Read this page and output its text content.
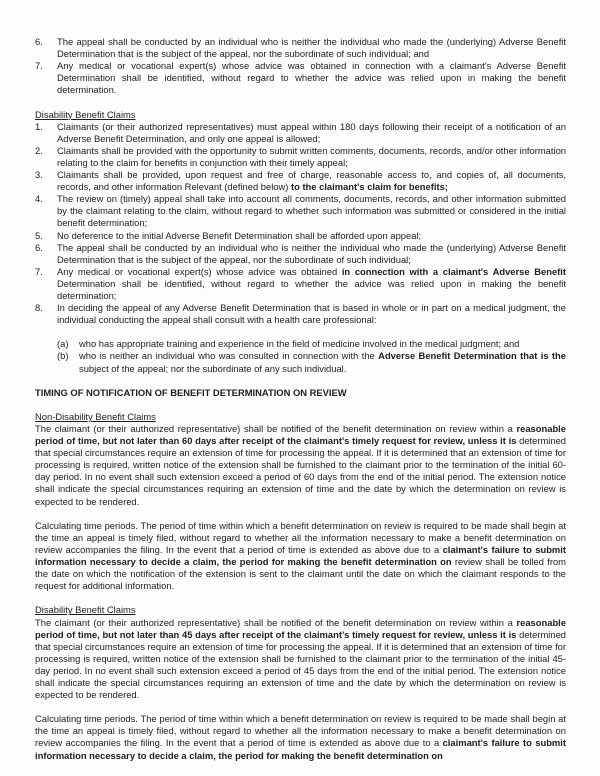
6.	The appeal shall be conducted by an individual who is neither the individual who made the (underlying) Adverse Benefit Determination that is the subject of the appeal, nor the subordinate of such individual; and
7.	Any medical or vocational expert(s) whose advice was obtained in connection with a claimant's Adverse Benefit Determination shall be identified, without regard to whether the advice was relied upon in making the benefit determination.
Disability Benefit Claims
1.	Claimants (or their authorized representatives) must appeal within 180 days following their receipt of a notification of an Adverse Benefit Determination, and only one appeal is allowed;
2.	Claimants shall be provided with the opportunity to submit written comments, documents, records, and/or other information relating to the claim for benefits in conjunction with their timely appeal;
3.	Claimants shall be provided, upon request and free of charge, reasonable access to, and copies of, all documents, records, and other information Relevant (defined below) to the claimant's claim for benefits;
4.	The review on (timely) appeal shall take into account all comments, documents, records, and other information submitted by the claimant relating to the claim, without regard to whether such information was submitted or considered in the initial benefit determination;
5.	No deference to the initial Adverse Benefit Determination shall be afforded upon appeal;
6.	The appeal shall be conducted by an individual who is neither the individual who made the (underlying) Adverse Benefit Determination that is the subject of the appeal, nor the subordinate of such individual;
7.	Any medical or vocational expert(s) whose advice was obtained in connection with a claimant's Adverse Benefit Determination shall be identified, without regard to whether the advice was relied upon in making the benefit determination;
8.	In deciding the appeal of any Adverse Benefit Determination that is based in whole or in part on a medical judgment, the individual conducting the appeal shall consult with a health care professional:
(a)	who has appropriate training and experience in the field of medicine involved in the medical judgment; and
(b)	who is neither an individual who was consulted in connection with the Adverse Benefit Determination that is the subject of the appeal; nor the subordinate of any such individual.
TIMING OF NOTIFICATION OF BENEFIT DETERMINATION ON REVIEW
Non-Disability Benefit Claims

The claimant (or their authorized representative) shall be notified of the benefit determination on review within a reasonable period of time, but not later than 60 days after receipt of the claimant's timely request for review, unless it is determined that special circumstances require an extension of time for processing the appeal. If it is determined that an extension of time for processing is required, written notice of the extension shall be furnished to the claimant prior to the termination of the initial 60-day period. In no event shall such extension exceed a period of 60 days from the end of the initial period. The extension notice shall indicate the special circumstances requiring an extension of time and the date by which the determination on review is expected to be rendered.

Calculating time periods. The period of time within which a benefit determination on review is required to be made shall begin at the time an appeal is timely filed, without regard to whether all the information necessary to make a benefit determination on review accompanies the filing. In the event that a period of time is extended as above due to a claimant's failure to submit information necessary to decide a claim, the period for making the benefit determination on review shall be tolled from the date on which the notification of the extension is sent to the claimant until the date on which the claimant responds to the request for additional information.

Disability Benefit Claims

The claimant (or their authorized representative) shall be notified of the benefit determination on review within a reasonable period of time, but not later than 45 days after receipt of the claimant's timely request for review, unless it is determined that special circumstances require an extension of time for processing the appeal. If it is determined that an extension of time for processing is required, written notice of the extension shall be furnished to the claimant prior to the termination of the initial 45-day period. In no event shall such extension exceed a period of 45 days from the end of the initial period. The extension notice shall indicate the special circumstances requiring an extension of time and the date by which the determination on review is expected to be rendered.

Calculating time periods. The period of time within which a benefit determination on review is required to be made shall begin at the time an appeal is timely filed, without regard to whether all the information necessary to make a benefit determination on review accompanies the filing. In the event that a period of time is extended as above due to a claimant's failure to submit information necessary to decide a claim, the period for making the benefit determination on
